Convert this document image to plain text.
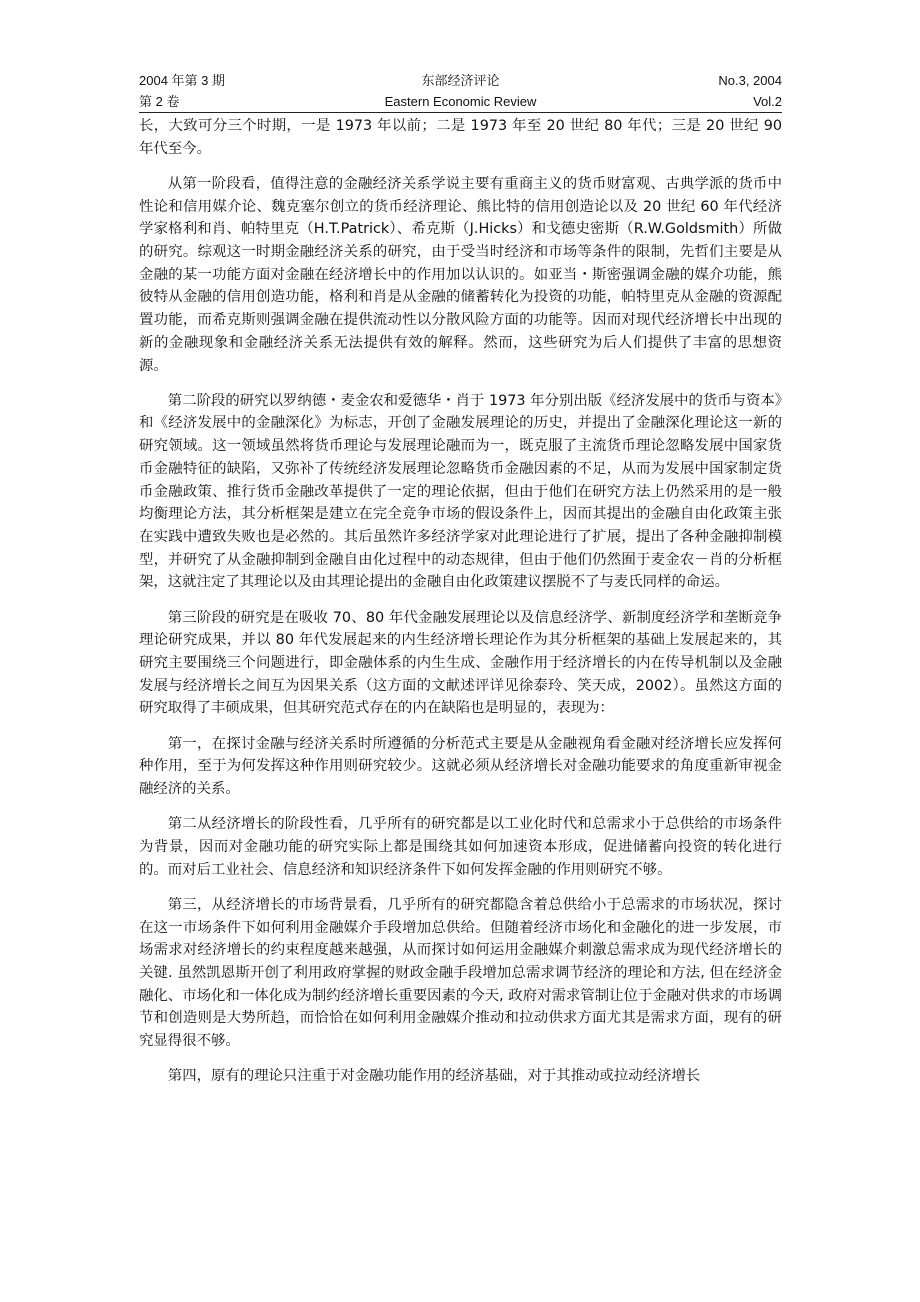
2004 年第 3 期	东部经济评论	No.3, 2004
第 2 卷	Eastern Economic Review	Vol.2

长，大致可分三个时期，一是 1973 年以前；二是 1973 年至 20 世纪 80 年代；三是 20 世纪 90 年代至今。

从第一阶段看，值得注意的金融经济关系学说主要有重商主义的货币财富观、古典学派的货币中性论和信用媒介论、魏克塞尔创立的货币经济理论、熊比特的信用创造论以及 20 世纪 60 年代经济学家格利和肖、帕特里克（H.T.Patrick）、希克斯（J.Hicks）和戈德史密斯（R.W.Goldsmith）所做的研究。综观这一时期金融经济关系的研究，由于受当时经济和市场等条件的限制，先哲们主要是从金融的某一功能方面对金融在经济增长中的作用加以认识的。如亚当・斯密强调金融的媒介功能，熊彼特从金融的信用创造功能，格利和肖是从金融的储蓄转化为投资的功能，帕特里克从金融的资源配置功能，而希克斯则强调金融在提供流动性以分散风险方面的功能等。因而对现代经济增长中出现的新的金融现象和金融经济关系无法提供有效的解释。然而，这些研究为后人们提供了丰富的思想资源。

第二阶段的研究以罗纳德・麦金农和爱德华・肖于 1973 年分别出版《经济发展中的货币与资本》和《经济发展中的金融深化》为标志，开创了金融发展理论的历史，并提出了金融深化理论这一新的研究领域。这一领域虽然将货币理论与发展理论融而为一，既克服了主流货币理论忽略发展中国家货币金融特征的缺陷，又弥补了传统经济发展理论忽略货币金融因素的不足，从而为发展中国家制定货币金融政策、推行货币金融改革提供了一定的理论依据，但由于他们在研究方法上仍然采用的是一般均衡理论方法，其分析框架是建立在完全竞争市场的假设条件上，因而其提出的金融自由化政策主张在实践中遭致失败也是必然的。其后虽然许多经济学家对此理论进行了扩展，提出了各种金融抑制模型，并研究了从金融抑制到金融自由化过程中的动态规律，但由于他们仍然囿于麦金农－肖的分析框架，这就注定了其理论以及由其理论提出的金融自由化政策建议摆脱不了与麦氏同样的命运。

第三阶段的研究是在吸收 70、80 年代金融发展理论以及信息经济学、新制度经济学和垄断竞争理论研究成果，并以 80 年代发展起来的内生经济增长理论作为其分析框架的基础上发展起来的，其研究主要围绕三个问题进行，即金融体系的内生生成、金融作用于经济增长的内在传导机制以及金融发展与经济增长之间互为因果关系（这方面的文献述评详见徐泰玲、笑天成，2002）。虽然这方面的研究取得了丰硕成果，但其研究范式存在的内在缺陷也是明显的，表现为：

第一，在探讨金融与经济关系时所遵循的分析范式主要是从金融视角看金融对经济增长应发挥何种作用，至于为何发挥这种作用则研究较少。这就必须从经济增长对金融功能要求的角度重新审视金融经济的关系。

第二从经济增长的阶段性看，几乎所有的研究都是以工业化时代和总需求小于总供给的市场条件为背景，因而对金融功能的研究实际上都是围绕其如何加速资本形成，促进储蓄向投资的转化进行的。而对后工业社会、信息经济和知识经济条件下如何发挥金融的作用则研究不够。

第三，从经济增长的市场背景看，几乎所有的研究都隐含着总供给小于总需求的市场状况，探讨在这一市场条件下如何利用金融媒介手段增加总供给。但随着经济市场化和金融化的进一步发展，市场需求对经济增长的约束程度越来越强，从而探讨如何运用金融媒介刺激总需求成为现代经济增长的关键. 虽然凯恩斯开创了利用政府掌握的财政金融手段增加总需求调节经济的理论和方法, 但在经济金融化、市场化和一体化成为制约经济增长重要因素的今天, 政府对需求管制让位于金融对供求的市场调节和创造则是大势所趋，而恰恰在如何利用金融媒介推动和拉动供求方面尤其是需求方面，现有的研究显得很不够。

第四，原有的理论只注重于对金融功能作用的经济基础，对于其推动或拉动经济增长
